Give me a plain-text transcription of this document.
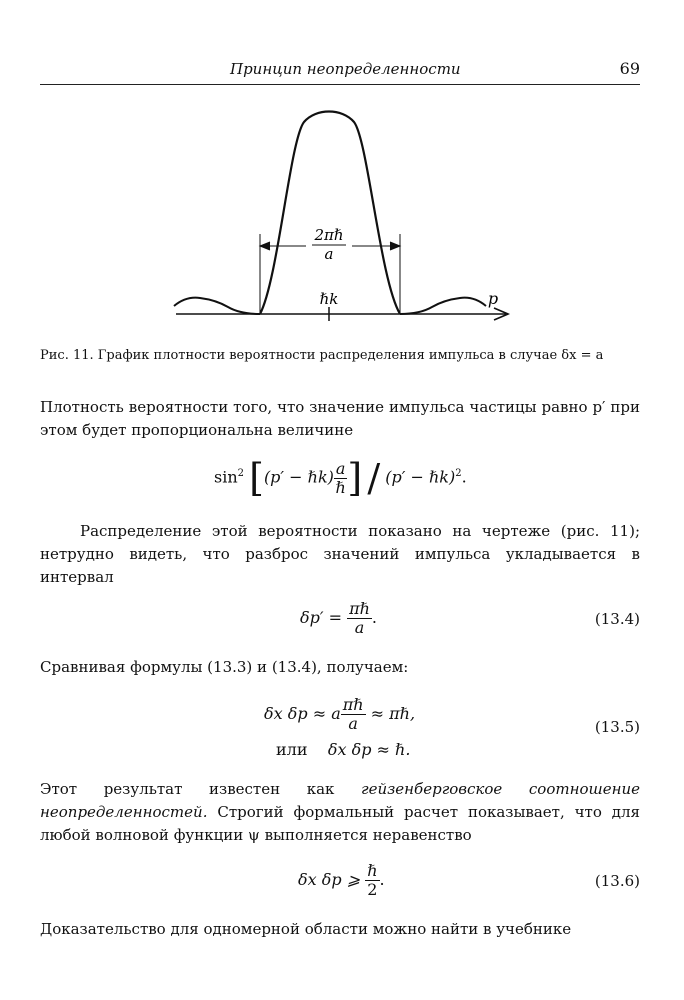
Принцип неопределенности	69
2πℏ
a
ℏk	p
Рис. 11. График плотности вероятности распределения импульса в случае δx = a
Плотность вероятности того, что значение импульса частицы равно p′ при этом будет пропорциональна величине
$\sin^2 [(p'$ − ℏk) $\frac{a}{\text{ℏ}}$ ] / (p′ − ℏk)$^2$.
Распределение этой вероятности показано на чертеже (рис. 11); нетрудно видеть, что разброс значений импульса укладывается в интервал
$\delta p' = \frac{\text{πℏ}}{a}$ .	(13.4)
Сравнивая формулы (13.3) и (13.4), получаем:
δx δp ≈ a $\frac{\text{πℏ}}{a}$ ≈ πℏ,
или δx δp ≈ ℏ.
(13.5)
Этот результат известен как гейзенберговское соотношение неопределенностей. Строгий формальный расчет показывает, что для любой волновой функции ψ выполняется неравенство
δx δp ⩾ $\frac{\text{ℏ}}{2}$ .	(13.6)
Доказательство для одномерной области можно найти в учебнике
